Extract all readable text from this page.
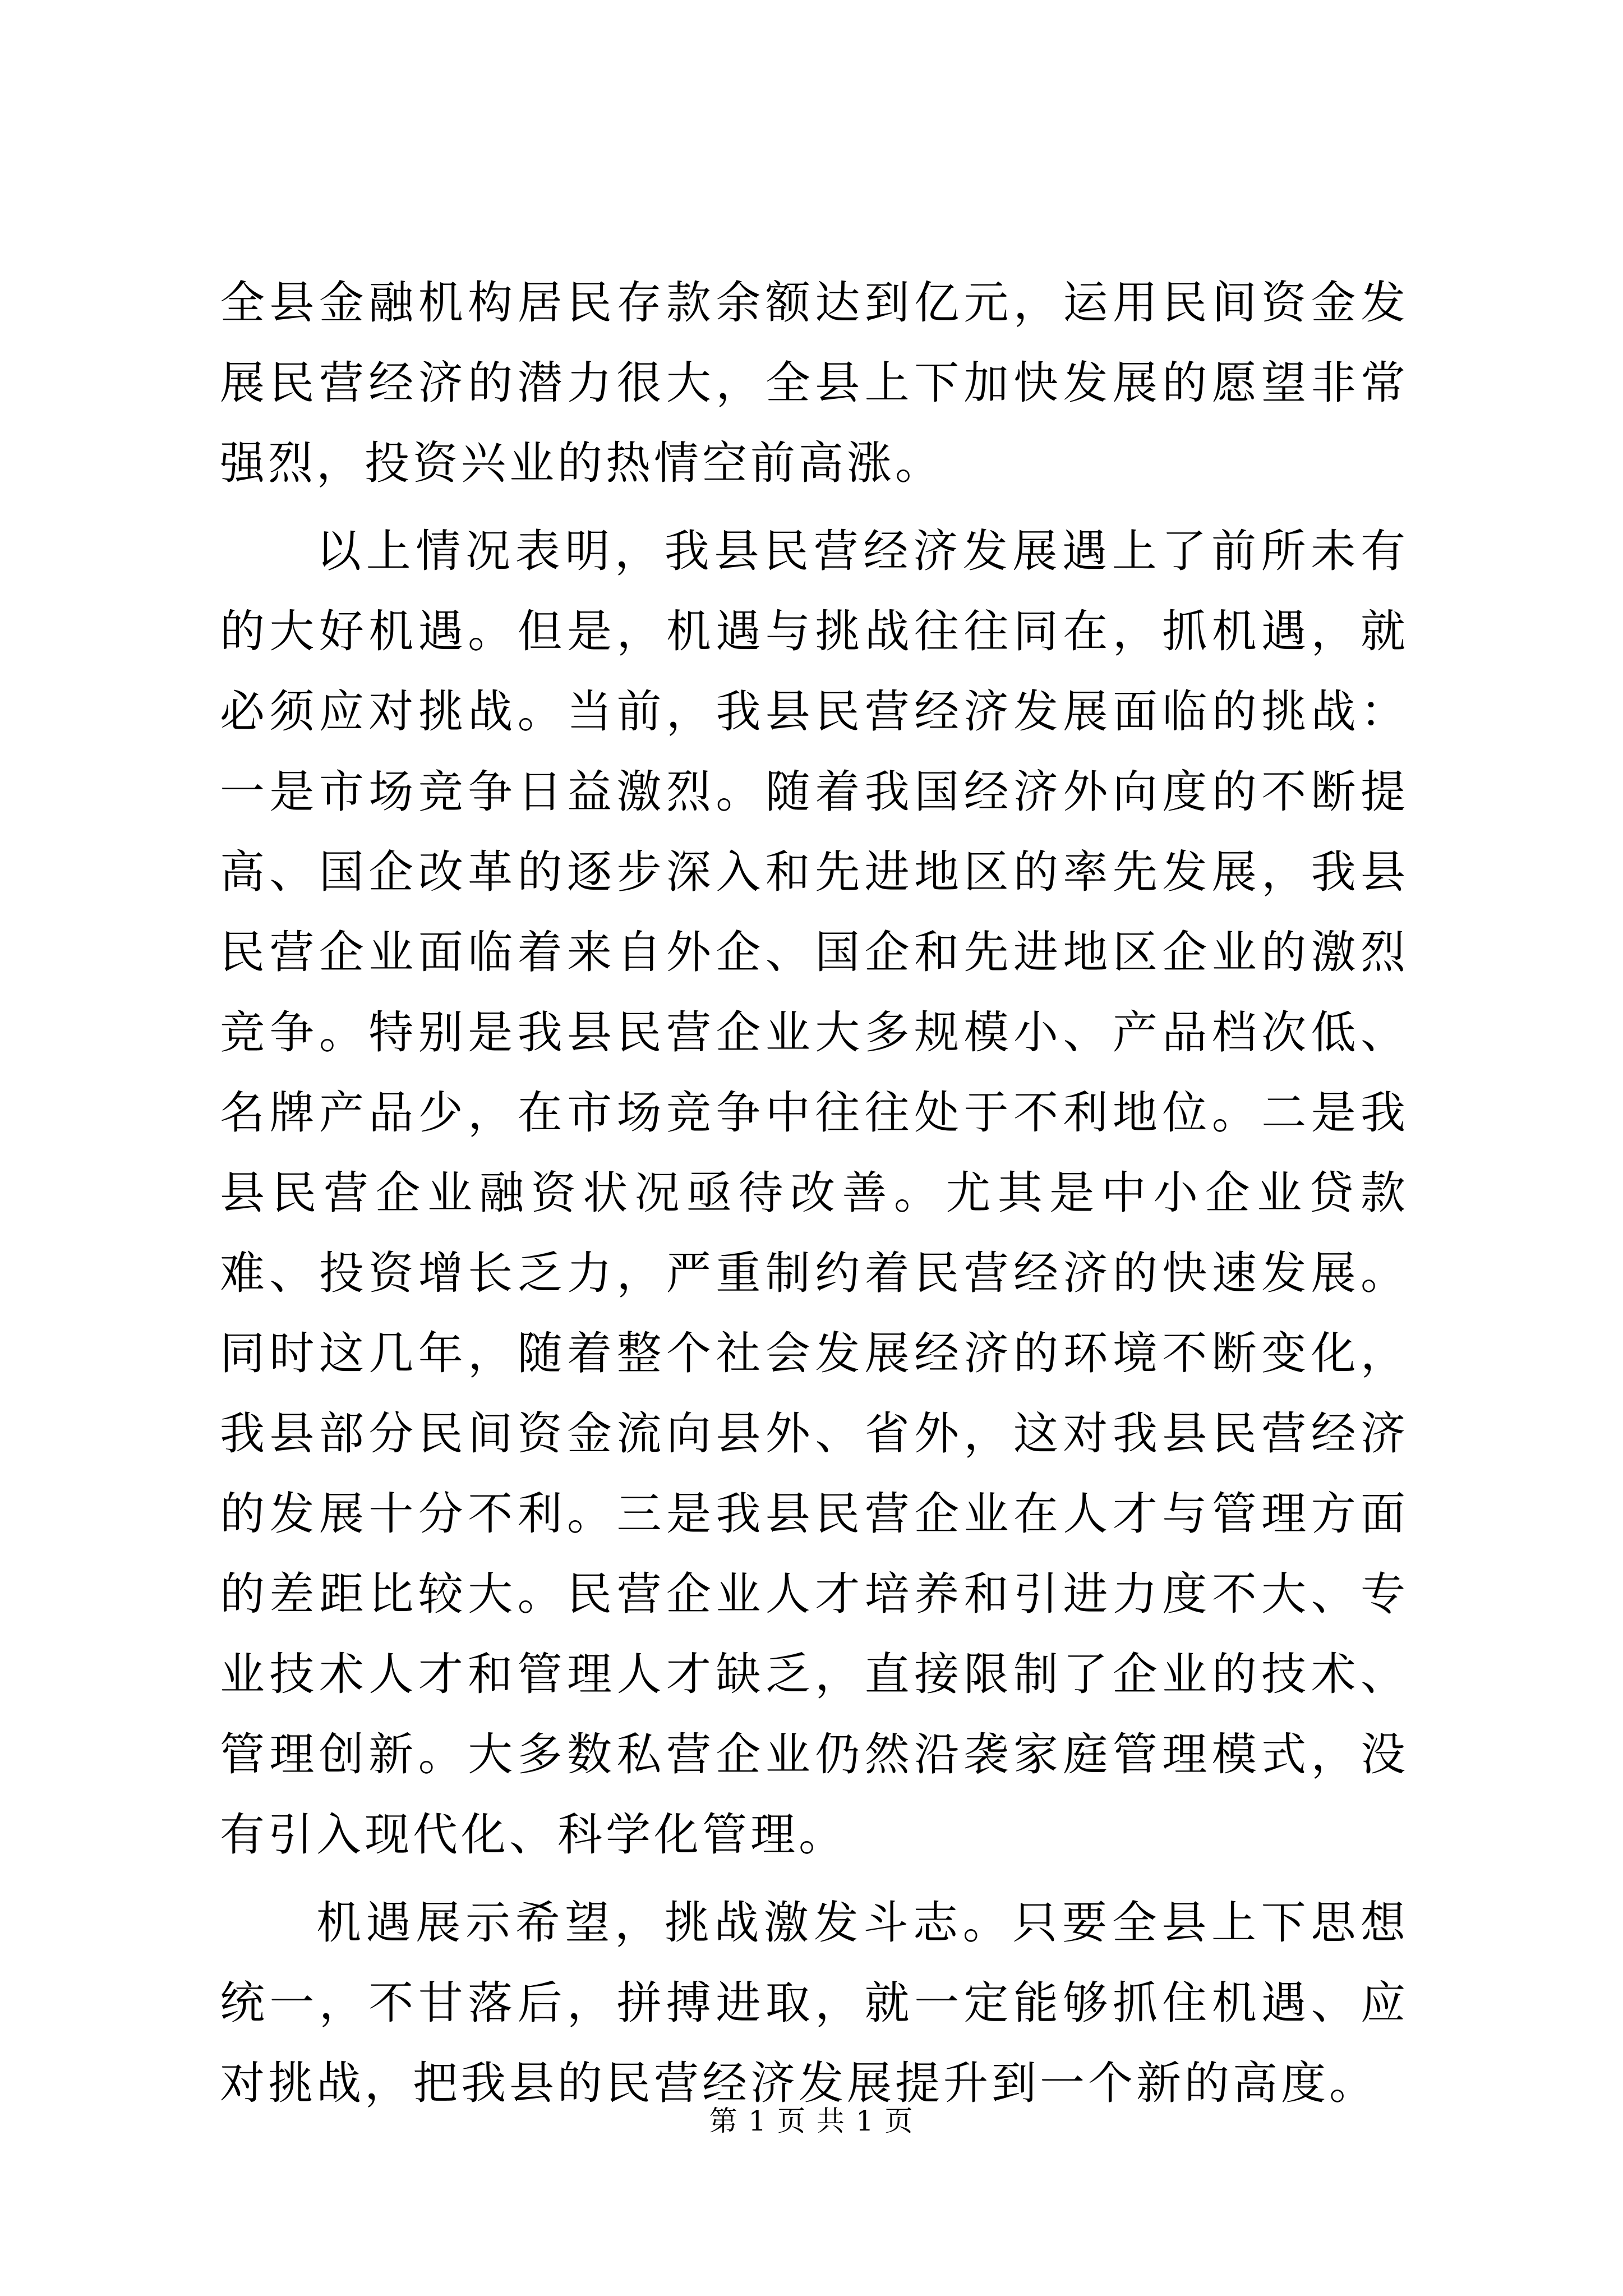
全县金融机构居民存款余额达到亿元，运用民间资金发展民营经济的潜力很大，全县上下加快发展的愿望非常强烈，投资兴业的热情空前高涨。

以上情况表明，我县民营经济发展遇上了前所未有的大好机遇。但是，机遇与挑战往往同在，抓机遇，就必须应对挑战。当前，我县民营经济发展面临的挑战：一是市场竞争日益激烈。随着我国经济外向度的不断提高、国企改革的逐步深入和先进地区的率先发展，我县民营企业面临着来自外企、国企和先进地区企业的激烈竞争。特别是我县民营企业大多规模小、产品档次低、名牌产品少，在市场竞争中往往处于不利地位。二是我县民营企业融资状况亟待改善。尤其是中小企业贷款难、投资增长乏力，严重制约着民营经济的快速发展。同时这几年，随着整个社会发展经济的环境不断变化，我县部分民间资金流向县外、省外，这对我县民营经济的发展十分不利。三是我县民营企业在人才与管理方面的差距比较大。民营企业人才培养和引进力度不大、专业技术人才和管理人才缺乏，直接限制了企业的技术、管理创新。大多数私营企业仍然沿袭家庭管理模式，没有引入现代化、科学化管理。

机遇展示希望，挑战激发斗志。只要全县上下思想统一，不甘落后，拼搏进取，就一定能够抓住机遇、应对挑战，把我县的民营经济发展提升到一个新的高度。

第 1 页 共 1 页
